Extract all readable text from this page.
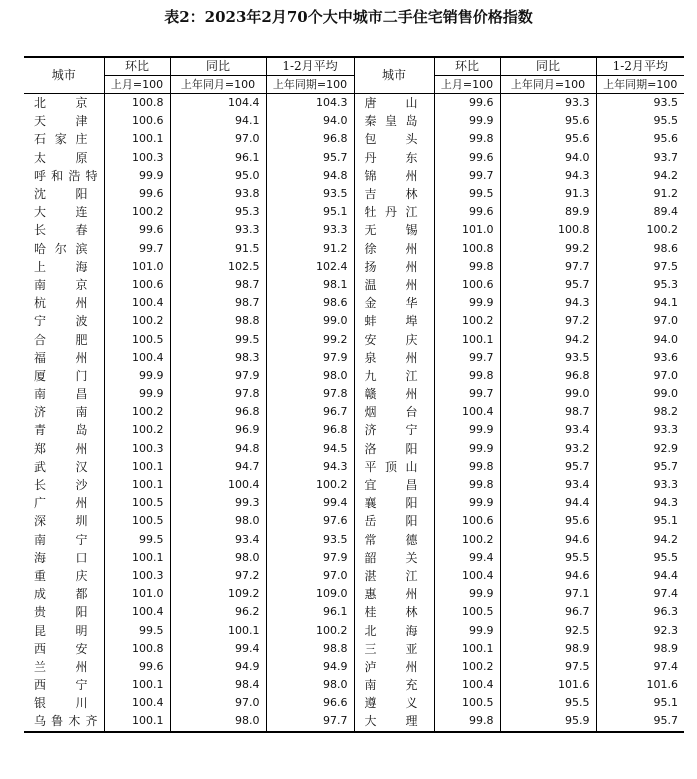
表2：2023年2月70个大中城市二手住宅销售价格指数
城市	环比	同比	1-2月平均	城市	环比	同比	1-2月平均
	上月=100	上年同月=100	上年同期=100		上月=100	上年同月=100	上年同期=100
北京	100.8	104.4	104.3	唐山	99.6	93.3	93.5
天津	100.6	94.1	94.0	秦皇岛	99.9	95.6	95.5
石家庄	100.1	97.0	96.8	包头	99.8	95.6	95.6
太原	100.3	96.1	95.7	丹东	99.6	94.0	93.7
呼和浩特	99.9	95.0	94.8	锦州	99.7	94.3	94.2
沈阳	99.6	93.8	93.5	吉林	99.5	91.3	91.2
大连	100.2	95.3	95.1	牡丹江	99.6	89.9	89.4
长春	99.6	93.3	93.3	无锡	101.0	100.8	100.2
哈尔滨	99.7	91.5	91.2	徐州	100.8	99.2	98.6
上海	101.0	102.5	102.4	扬州	99.8	97.7	97.5
南京	100.6	98.7	98.1	温州	100.6	95.7	95.3
杭州	100.4	98.7	98.6	金华	99.9	94.3	94.1
宁波	100.2	98.8	99.0	蚌埠	100.2	97.2	97.0
合肥	100.5	99.5	99.2	安庆	100.1	94.2	94.0
福州	100.4	98.3	97.9	泉州	99.7	93.5	93.6
厦门	99.9	97.9	98.0	九江	99.8	96.8	97.0
南昌	99.9	97.8	97.8	赣州	99.7	99.0	99.0
济南	100.2	96.8	96.7	烟台	100.4	98.7	98.2
青岛	100.2	96.9	96.8	济宁	99.9	93.4	93.3
郑州	100.3	94.8	94.5	洛阳	99.9	93.2	92.9
武汉	100.1	94.7	94.3	平顶山	99.8	95.7	95.7
长沙	100.1	100.4	100.2	宜昌	99.8	93.4	93.3
广州	100.5	99.3	99.4	襄阳	99.9	94.4	94.3
深圳	100.5	98.0	97.6	岳阳	100.6	95.6	95.1
南宁	99.5	93.4	93.5	常德	100.2	94.6	94.2
海口	100.1	98.0	97.9	韶关	99.4	95.5	95.5
重庆	100.3	97.2	97.0	湛江	100.4	94.6	94.4
成都	101.0	109.2	109.0	惠州	99.9	97.1	97.4
贵阳	100.4	96.2	96.1	桂林	100.5	96.7	96.3
昆明	99.5	100.1	100.2	北海	99.9	92.5	92.3
西安	100.8	99.4	98.8	三亚	100.1	98.9	98.9
兰州	99.6	94.9	94.9	泸州	100.2	97.5	97.4
西宁	100.1	98.4	98.0	南充	100.4	101.6	101.6
银川	100.4	97.0	96.6	遵义	100.5	95.5	95.1
乌鲁木齐	100.1	98.0	97.7	大理	99.8	95.9	95.7
